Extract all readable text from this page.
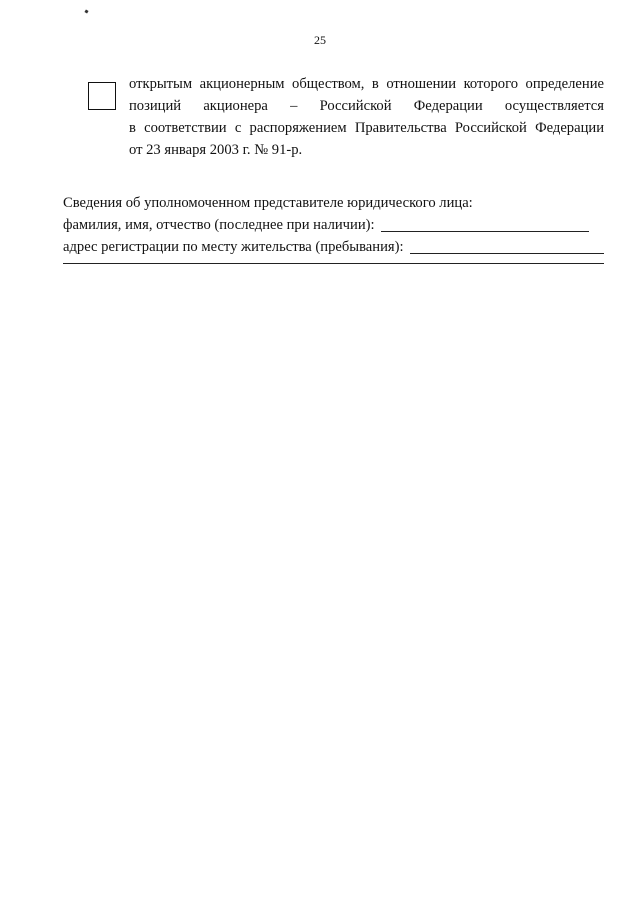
25
открытым акционерным обществом, в отношении которого определение
позиций акционера – Российской Федерации осуществляется
в соответствии с распоряжением Правительства Российской Федерации
от 23 января 2003 г. № 91-р.
Сведения об уполномоченном представителе юридического лица:
фамилия, имя, отчество (последнее при наличии):
адрес регистрации по месту жительства (пребывания):
